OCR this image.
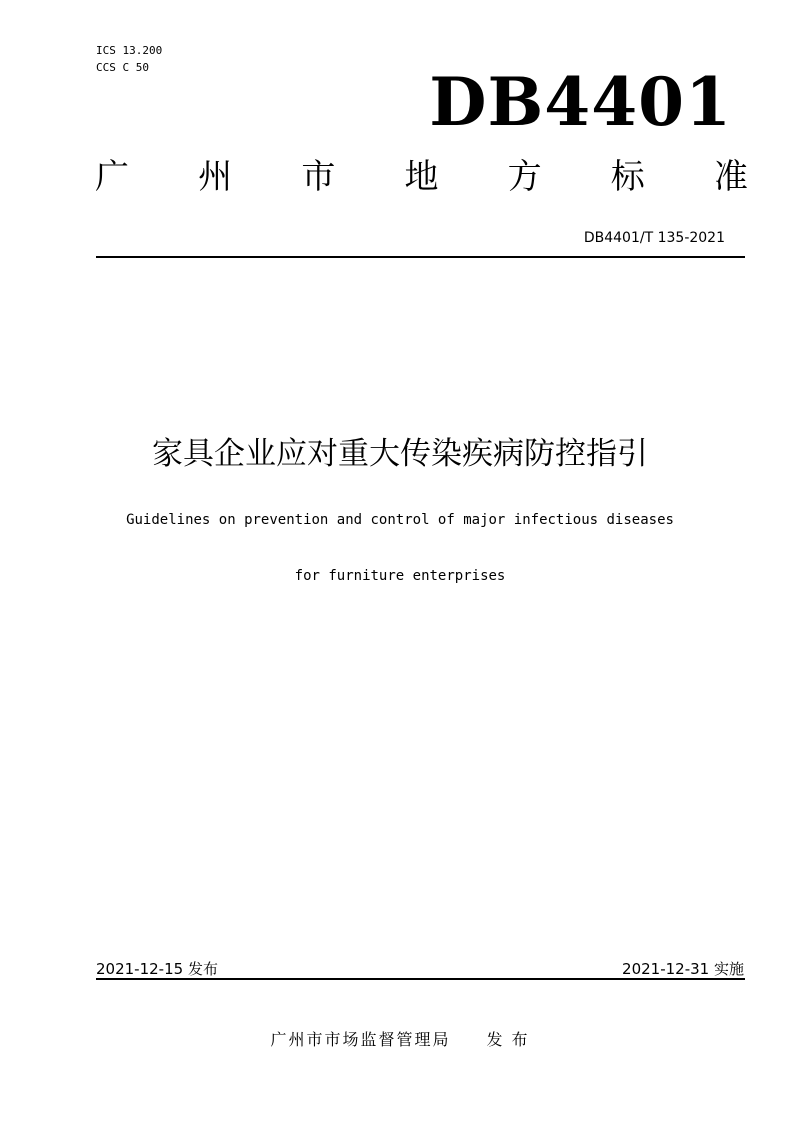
ICS 13.200
CCS C 50	DB4401
广 州 市 地 方 标 准
DB4401/T 135-2021
家具企业应对重大传染疾病防控指引
Guidelines on prevention and control of major infectious diseases
for furniture enterprises
2021-12-15 发布	2021-12-31 实施
广州市市场监督管理局 发 布
